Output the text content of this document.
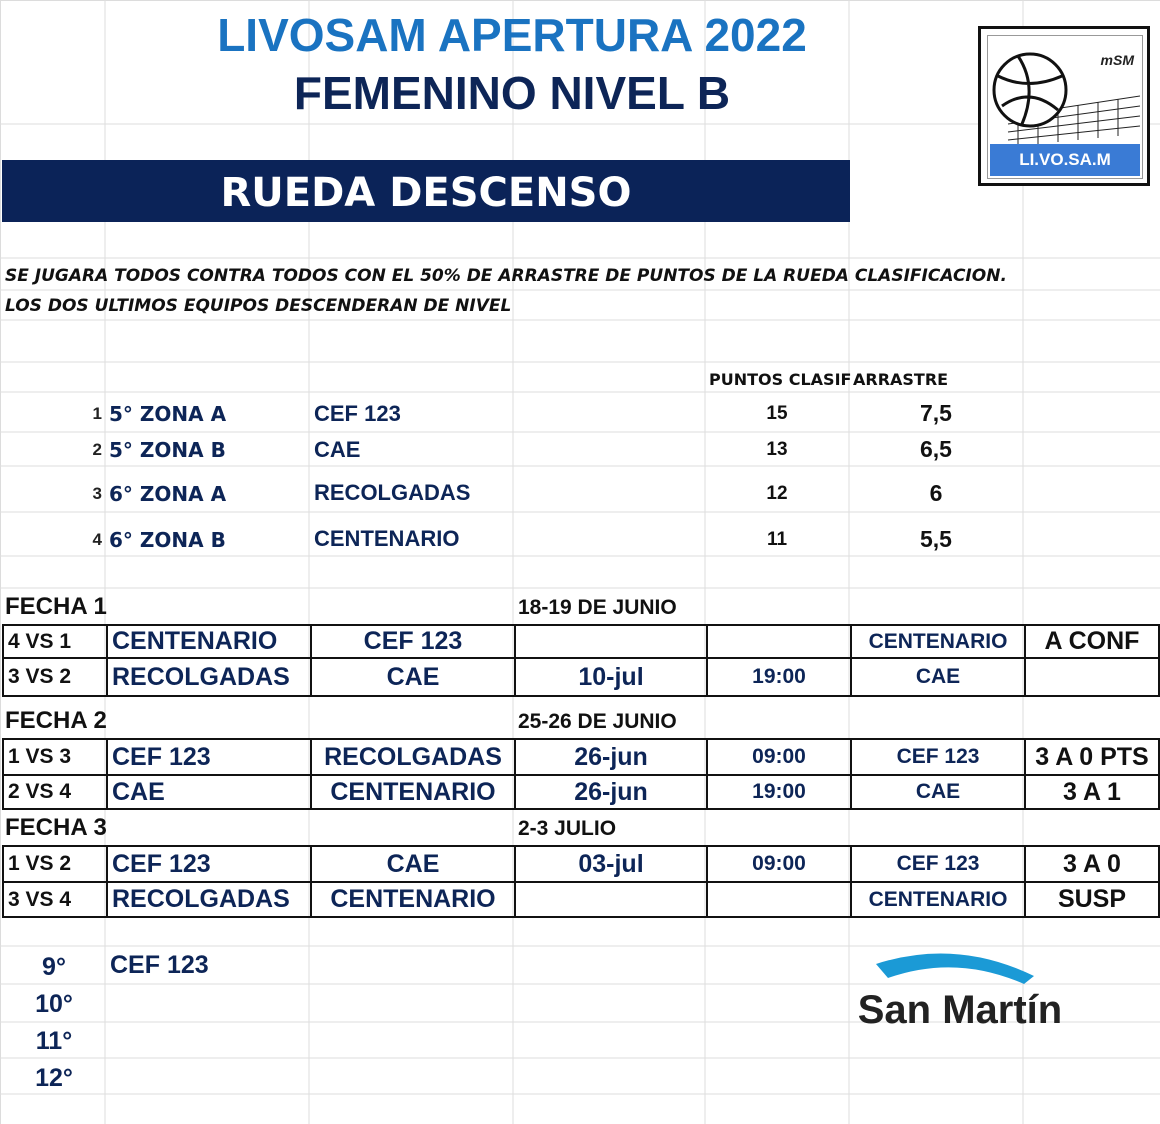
LIVOSAM APERTURA 2022
FEMENINO NIVEL B
RUEDA DESCENSO
mSM
LI.VO.SA.M
SE JUGARA TODOS CONTRA TODOS CON EL 50% DE ARRASTRE DE PUNTOS DE LA RUEDA CLASIFICACION.
LOS DOS ULTIMOS EQUIPOS DESCENDERAN DE NIVEL
PUNTOS CLASIF ARRASTRE
1 5° ZONA A	CEF 123	15	7,5
2 5° ZONA B	CAE	13	6,5
3 6° ZONA A	RECOLGADAS	12	6
4 6° ZONA B	CENTENARIO	11	5,5
FECHA 1	18-19 DE JUNIO
4 VS 1	CENTENARIO	CEF 123			CENTENARIO	A CONF
3 VS 2	RECOLGADAS	CAE	10-jul	19:00	CAE	
FECHA 2	25-26 DE JUNIO
1 VS 3	CEF 123	RECOLGADAS	26-jun	09:00	CEF 123	3 A 0 PTS
2 VS 4	CAE	CENTENARIO	26-jun	19:00	CAE	3 A 1
FECHA 3	2-3 JULIO
1 VS 2	CEF 123	CAE	03-jul	09:00	CEF 123	3 A 0
3 VS 4	RECOLGADAS	CENTENARIO			CENTENARIO	SUSP
9°	CEF 123
10°
11°
12°
San Martín
